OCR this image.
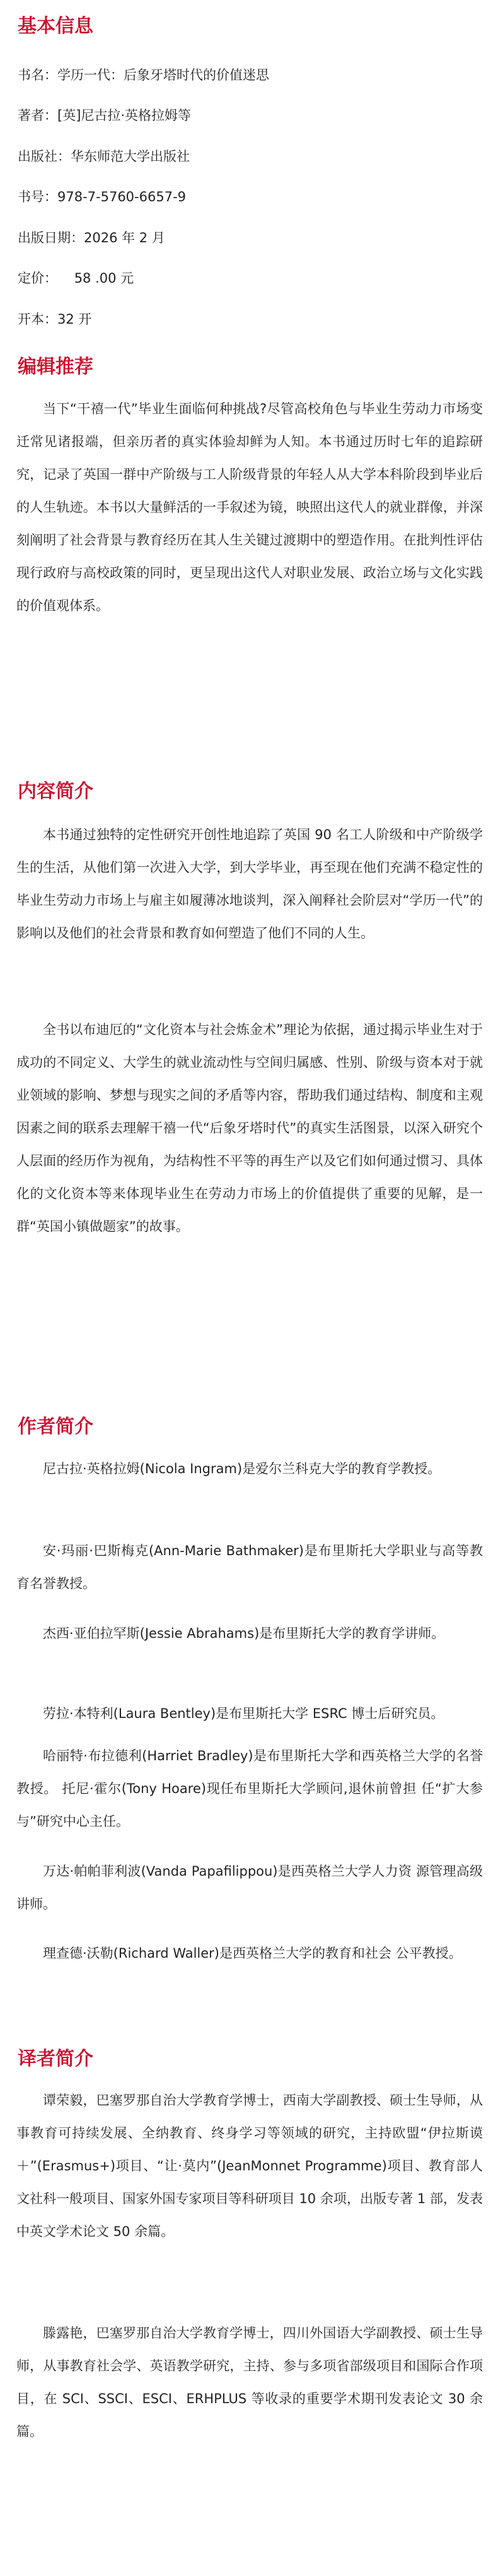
基本信息
书名：学历一代：后象牙塔时代的价值迷思
著者：[英]尼古拉·英格拉姆等
出版社：华东师范大学出版社
书号：978-7-5760-6657-9
出版日期：2026 年 2 月
定价：    58 .00 元
开本：32 开
编辑推荐

当下“干禧一代”毕业生面临何种挑战?尽管高校角色与毕业生劳动力市场变迁常见诸报端，但亲历者的真实体验却鲜为人知。本书通过历时七年的追踪研究，记录了英国一群中产阶级与工人阶级背景的年轻人从大学本科阶段到毕业后的人生轨迹。本书以大量鲜活的一手叙述为镜，映照出这代人的就业群像，并深刻阐明了社会背景与教育经历在其人生关键过渡期中的塑造作用。在批判性评估现行政府与高校政策的同时，更呈现出这代人对职业发展、政治立场与文化实践的价值观体系。

内容简介

本书通过独特的定性研究开创性地追踪了英国 90 名工人阶级和中产阶级学生的生活，从他们第一次进入大学，到大学毕业，再至现在他们充满不稳定性的毕业生劳动力市场上与雇主如履薄冰地谈判，深入阐释社会阶层对“学历一代”的影响以及他们的社会背景和教育如何塑造了他们不同的人生。

全书以布迪厄的“文化资本与社会炼金术”理论为依据，通过揭示毕业生对于成功的不同定义、大学生的就业流动性与空间归属感、性别、阶级与资本对于就业领域的影响、梦想与现实之间的矛盾等内容，帮助我们通过结构、制度和主观因素之间的联系去理解干禧一代“后象牙塔时代”的真实生活图景，以深入研究个人层面的经历作为视角，为结构性不平等的再生产以及它们如何通过惯习、具体化的文化资本等来体现毕业生在劳动力市场上的价值提供了重要的见解，是一群“英国小镇做题家”的故事。

作者简介

尼古拉·英格拉姆(Nicola Ingram)是爱尔兰科克大学的教育学教授。

安·玛丽·巴斯梅克(Ann-Marie Bathmaker)是布里斯托大学职业与高等教育名誉教授。

杰西·亚伯拉罕斯(Jessie Abrahams)是布里斯托大学的教育学讲师。

劳拉·本特利(Laura Bentley)是布里斯托大学 ESRC 博士后研究员。

哈丽特·布拉德利(Harriet Bradley)是布里斯托大学和西英格兰大学的名誉教授。 托尼·霍尔(Tony Hoare)现任布里斯托大学顾问,退休前曾担 任“扩大参与”研究中心主任。

万达·帕帕菲利波(Vanda Papafilippou)是西英格兰大学人力资 源管理高级讲师。

理查德·沃勒(Richard Waller)是西英格兰大学的教育和社会 公平教授。

译者简介

谭荣毅，巴塞罗那自治大学教育学博士，西南大学副教授、硕士生导师，从事教育可持续发展、全纳教育、终身学习等领域的研究，主持欧盟“伊拉斯谟＋”(Erasmus+)项目、“让·莫内”(JeanMonnet Programme)项目、教育部人文社科一般项目、国家外国专家项目等科研项目 10 余项，出版专著 1 部，发表中英文学术论文 50 余篇。

滕露艳，巴塞罗那自治大学教育学博士，四川外国语大学副教授、硕士生导师，从事教育社会学、英语教学研究，主持、参与多项省部级项目和国际合作项目，在 SCI、SSCI、ESCI、ERHPLUS 等收录的重要学术期刊发表论文 30 余篇。
